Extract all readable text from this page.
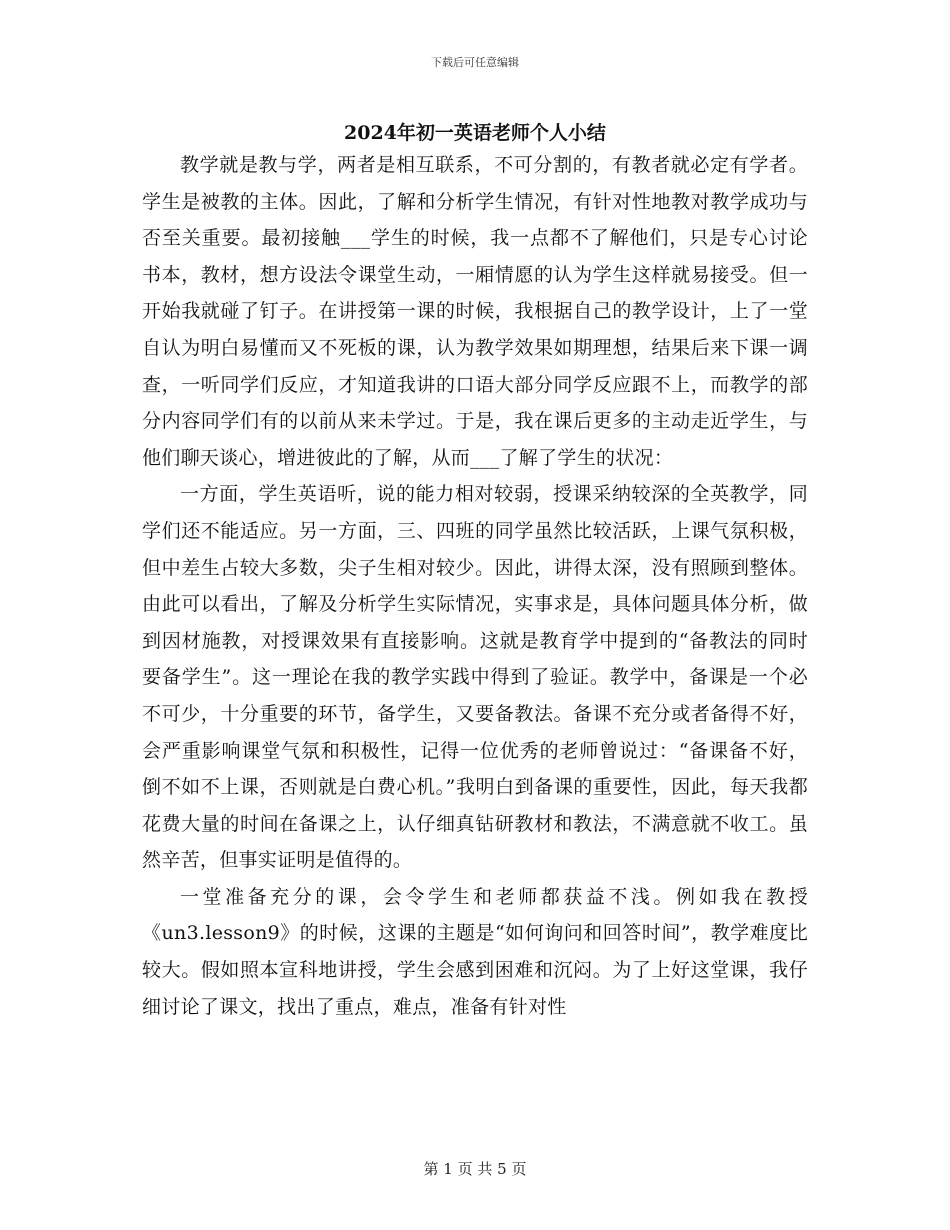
下载后可任意编辑
2024年初一英语老师个人小结

教学就是教与学，两者是相互联系，不可分割的，有教者就必定有学者。学生是被教的主体。因此，了解和分析学生情况，有针对性地教对教学成功与否至关重要。最初接触___学生的时候，我一点都不了解他们，只是专心讨论书本，教材，想方设法令课堂生动，一厢情愿的认为学生这样就易接受。但一开始我就碰了钉子。在讲授第一课的时候，我根据自己的教学设计，上了一堂自认为明白易懂而又不死板的课，认为教学效果如期理想，结果后来下课一调查，一听同学们反应，才知道我讲的口语大部分同学反应跟不上，而教学的部分内容同学们有的以前从来未学过。于是，我在课后更多的主动走近学生，与他们聊天谈心，增进彼此的了解，从而___了解了学生的状况：

一方面，学生英语听，说的能力相对较弱，授课采纳较深的全英教学，同学们还不能适应。另一方面，三、四班的同学虽然比较活跃，上课气氛积极，但中差生占较大多数，尖子生相对较少。因此，讲得太深，没有照顾到整体。由此可以看出，了解及分析学生实际情况，实事求是，具体问题具体分析，做到因材施教，对授课效果有直接影响。这就是教育学中提到的“备教法的同时要备学生”。这一理论在我的教学实践中得到了验证。教学中，备课是一个必不可少，十分重要的环节，备学生，又要备教法。备课不充分或者备得不好，会严重影响课堂气氛和积极性，记得一位优秀的老师曾说过：“备课备不好，倒不如不上课，否则就是白费心机。”我明白到备课的重要性，因此，每天我都花费大量的时间在备课之上，认仔细真钻研教材和教法，不满意就不收工。虽然辛苦，但事实证明是值得的。

一堂准备充分的课，会令学生和老师都获益不浅。例如我在教授《un3.lesson9》的时候，这课的主题是“如何询问和回答时间”，教学难度比较大。假如照本宣科地讲授，学生会感到困难和沉闷。为了上好这堂课，我仔细讨论了课文，找出了重点，难点，准备有针对性

第 1 页 共 5 页
